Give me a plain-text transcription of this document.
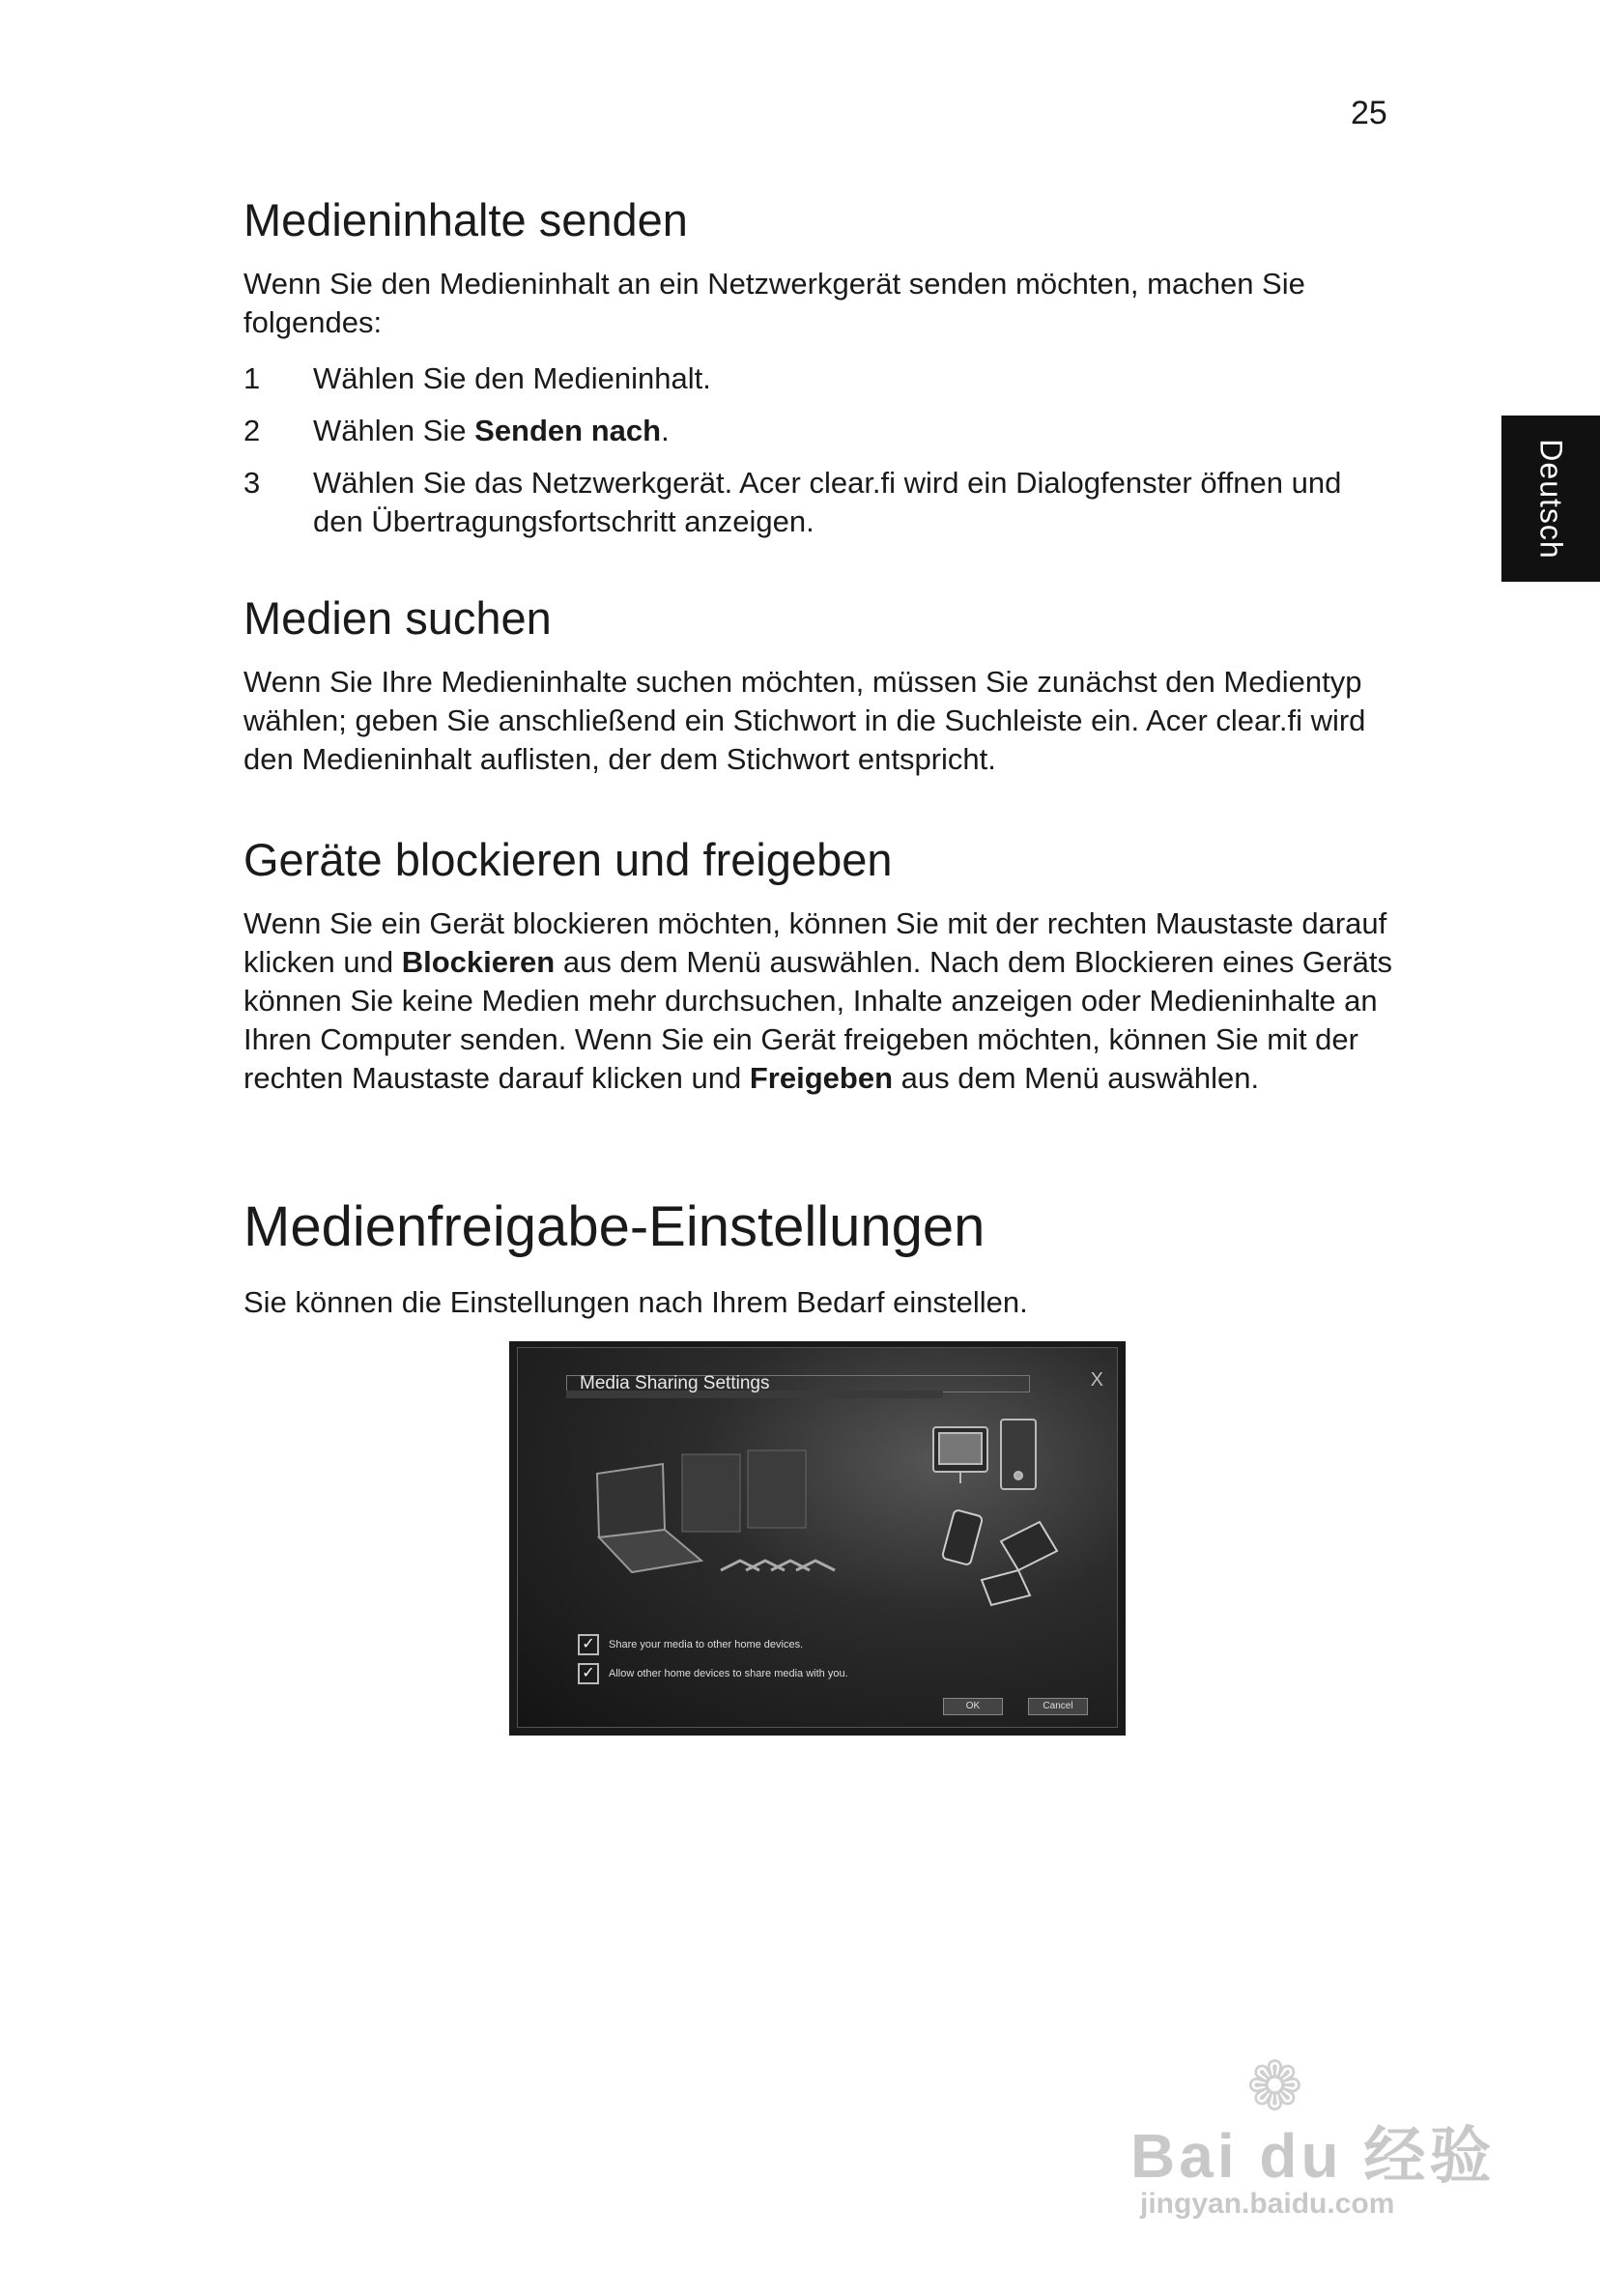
25
Deutsch
Medieninhalte senden

Wenn Sie den Medieninhalt an ein Netzwerkgerät senden möchten, machen Sie folgendes:

1 Wählen Sie den Medieninhalt.
2 Wählen Sie Senden nach.
3 Wählen Sie das Netzwerkgerät. Acer clear.fi wird ein Dialogfenster öffnen und den Übertragungsfortschritt anzeigen.
Medien suchen

Wenn Sie Ihre Medieninhalte suchen möchten, müssen Sie zunächst den Medientyp wählen; geben Sie anschließend ein Stichwort in die Suchleiste ein. Acer clear.fi wird den Medieninhalt auflisten, der dem Stichwort entspricht.

Geräte blockieren und freigeben

Wenn Sie ein Gerät blockieren möchten, können Sie mit der rechten Maustaste darauf klicken und Blockieren aus dem Menü auswählen. Nach dem Blockieren eines Geräts können Sie keine Medien mehr durchsuchen, Inhalte anzeigen oder Medieninhalte an Ihren Computer senden. Wenn Sie ein Gerät freigeben möchten, können Sie mit der rechten Maustaste darauf klicken und Freigeben aus dem Menü auswählen.

Medienfreigabe-Einstellungen

Sie können die Einstellungen nach Ihrem Bedarf einstellen.

Media Sharing Settings	X
✓	Share your media to other home devices.
✓	Allow other home devices to share media with you.
OK	Cancel
❁
Bai du 经验
jingyan.baidu.com
